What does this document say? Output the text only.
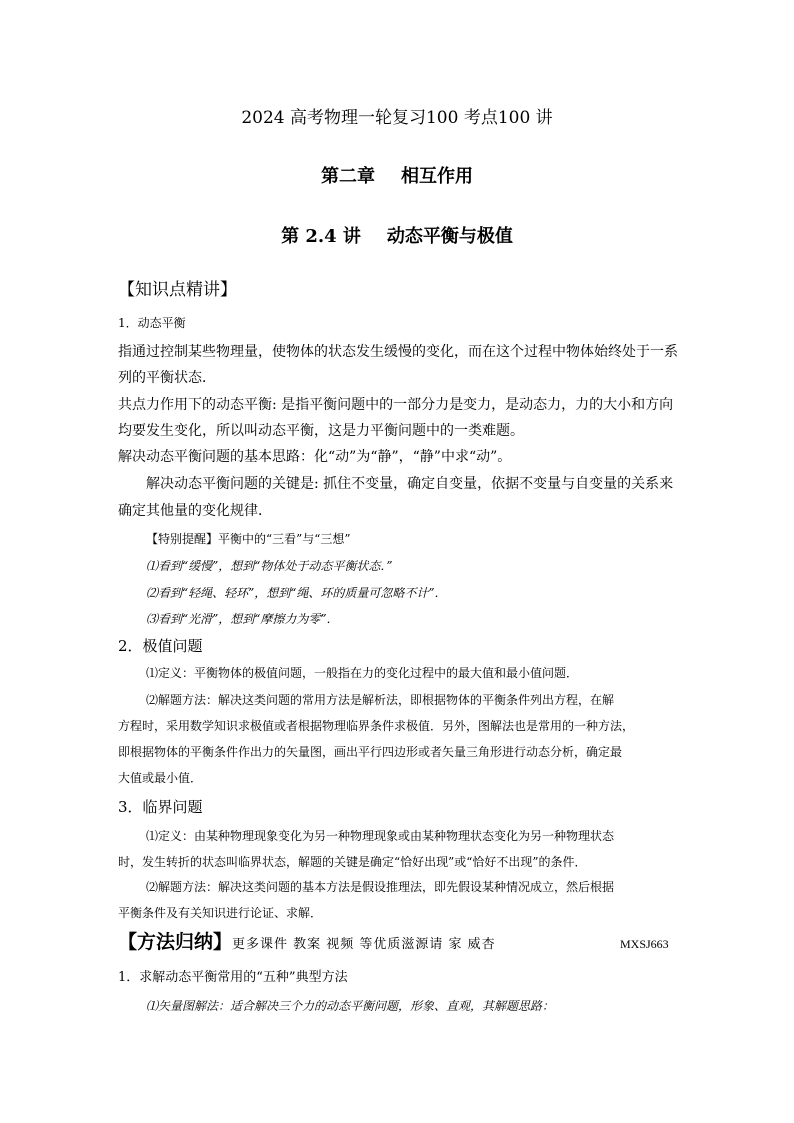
2024 高考物理一轮复习100 考点100 讲
第二章 相互作用
第 2.4 讲 动态平衡与极值
【知识点精讲】
1．动态平衡
指通过控制某些物理量，使物体的状态发生缓慢的变化，而在这个过程中物体始终处于一系
列的平衡状态．
共点力作用下的动态平衡: 是指平衡问题中的一部分力是变力，是动态力，力的大小和方向
均要发生变化，所以叫动态平衡，这是力平衡问题中的一类难题。
解决动态平衡问题的基本思路：化“动”为“静”，“静”中求“动”。
解决动态平衡问题的关键是: 抓住不变量，确定自变量，依据不变量与自变量的关系来
确定其他量的变化规律．
【特别提醒】平衡中的“三看”与“三想”
⑴看到“缓慢”，想到“物体处于动态平衡状态．”
⑵看到“轻绳、轻环”，想到“绳、环的质量可忽略不计”．
⑶看到“光滑”，想到“摩擦力为零”．
2．极值问题
⑴定义：平衡物体的极值问题，一般指在力的变化过程中的最大值和最小值问题．
⑵解题方法：解决这类问题的常用方法是解析法，即根据物体的平衡条件列出方程，在解
方程时，采用数学知识求极值或者根据物理临界条件求极值．另外，图解法也是常用的一种方法，
即根据物体的平衡条件作出力的矢量图，画出平行四边形或者矢量三角形进行动态分析，确定最
大值或最小值．
3．临界问题
⑴定义：由某种物理现象变化为另一种物理现象或由某种物理状态变化为另一种物理状态
时，发生转折的状态叫临界状态，解题的关键是确定“恰好出现”或“恰好不出现”的条件．
⑵解题方法：解决这类问题的基本方法是假设推理法，即先假设某种情况成立，然后根据
平衡条件及有关知识进行论证、求解．
【方法归纳】更多课件 教案 视频 等优质滋源请 家 威杏	MXSJ663
1．求解动态平衡常用的“五种”典型方法
⑴矢量图解法：适合解决三个力的动态平衡问题，形象、直观，其解题思路：
